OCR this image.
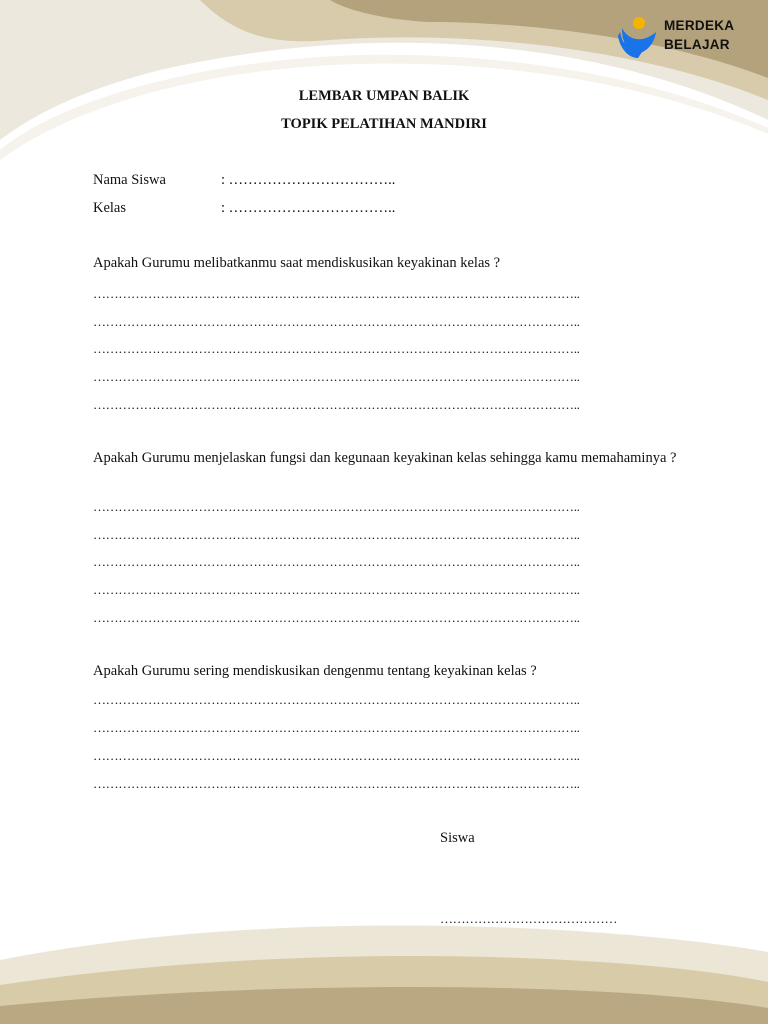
MERDEKA
BELAJAR
LEMBAR UMPAN BALIK
TOPIK PELATIHAN MANDIRI
Nama Siswa	: ……………………………..
Kelas	: ……………………………..
Apakah Gurumu melibatkanmu saat mendiskusikan keyakinan kelas ?
……………………………………………………………………………………………………..
……………………………………………………………………………………………………..
……………………………………………………………………………………………………..
……………………………………………………………………………………………………..
……………………………………………………………………………………………………..
Apakah Gurumu menjelaskan fungsi dan kegunaan keyakinan kelas sehingga kamu memahaminya ?
……………………………………………………………………………………………………..
……………………………………………………………………………………………………..
……………………………………………………………………………………………………..
……………………………………………………………………………………………………..
……………………………………………………………………………………………………..
Apakah Gurumu sering mendiskusikan dengenmu tentang keyakinan kelas ?
……………………………………………………………………………………………………..
……………………………………………………………………………………………………..
……………………………………………………………………………………………………..
……………………………………………………………………………………………………..
Siswa
……………………………………
